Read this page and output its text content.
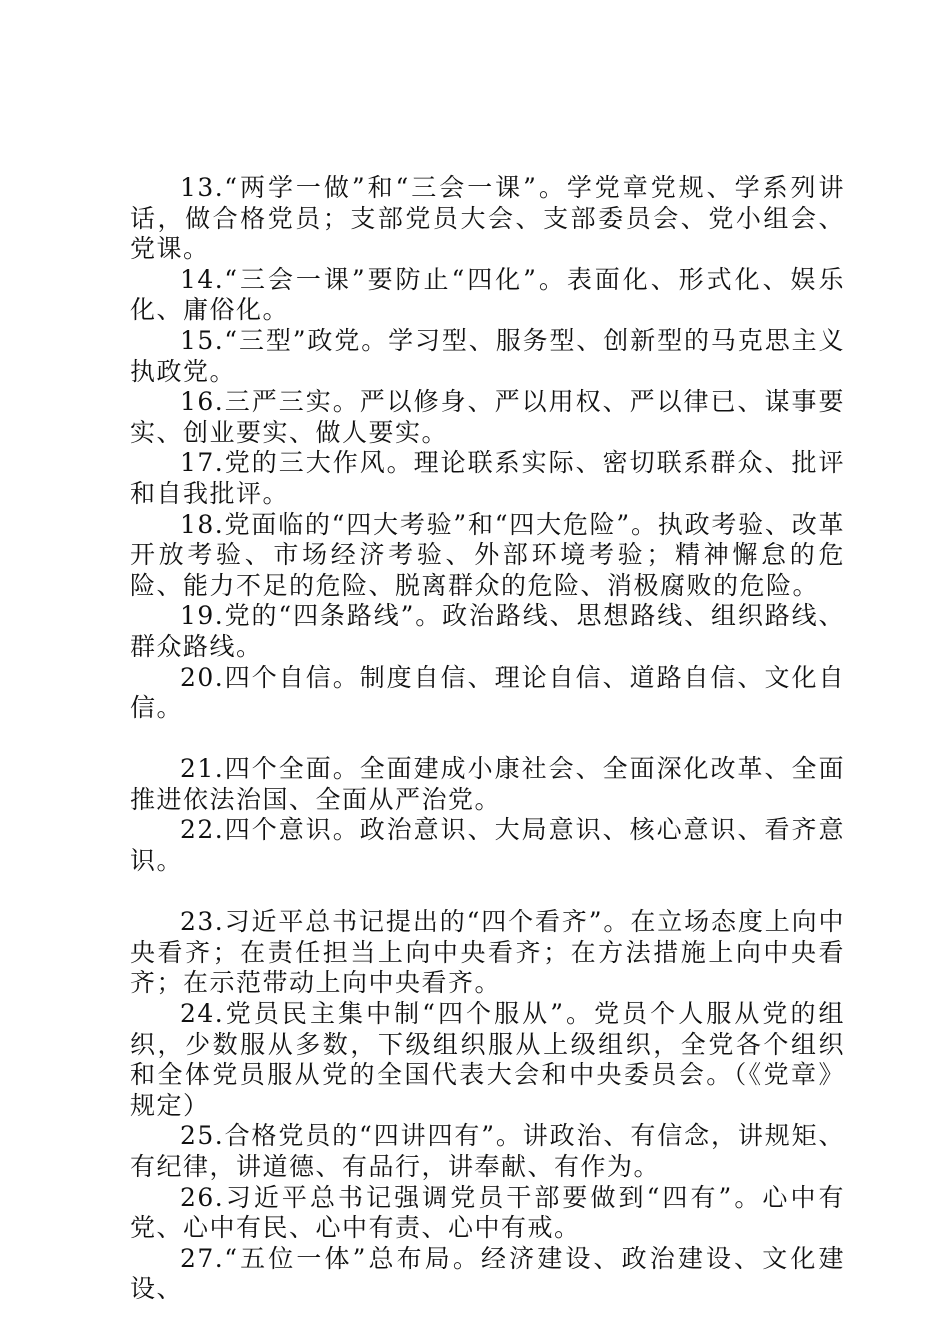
13.“两学一做”和“三会一课”。学党章党规、学系列讲话，做合格党员；支部党员大会、支部委员会、党小组会、党课。

14.“三会一课”要防止“四化”。表面化、形式化、娱乐化、庸俗化。

15.“三型”政党。学习型、服务型、创新型的马克思主义执政党。

16.三严三实。严以修身、严以用权、严以律已、谋事要实、创业要实、做人要实。

17.党的三大作风。理论联系实际、密切联系群众、批评和自我批评。

18.党面临的“四大考验”和“四大危险”。执政考验、改革开放考验、市场经济考验、外部环境考验；精神懈怠的危险、能力不足的危险、脱离群众的危险、消极腐败的危险。

19.党的“四条路线”。政治路线、思想路线、组织路线、群众路线。

20.四个自信。制度自信、理论自信、道路自信、文化自信。

21.四个全面。全面建成小康社会、全面深化改革、全面推进依法治国、全面从严治党。

22.四个意识。政治意识、大局意识、核心意识、看齐意识。

23.习近平总书记提出的“四个看齐”。在立场态度上向中央看齐；在责任担当上向中央看齐；在方法措施上向中央看齐；在示范带动上向中央看齐。

24.党员民主集中制“四个服从”。党员个人服从党的组织，少数服从多数，下级组织服从上级组织，全党各个组织和全体党员服从党的全国代表大会和中央委员会。（《党章》规定）

25.合格党员的“四讲四有”。讲政治、有信念，讲规矩、有纪律，讲道德、有品行，讲奉献、有作为。

26.习近平总书记强调党员干部要做到“四有”。心中有党、心中有民、心中有责、心中有戒。

27.“五位一体”总布局。经济建设、政治建设、文化建设、
